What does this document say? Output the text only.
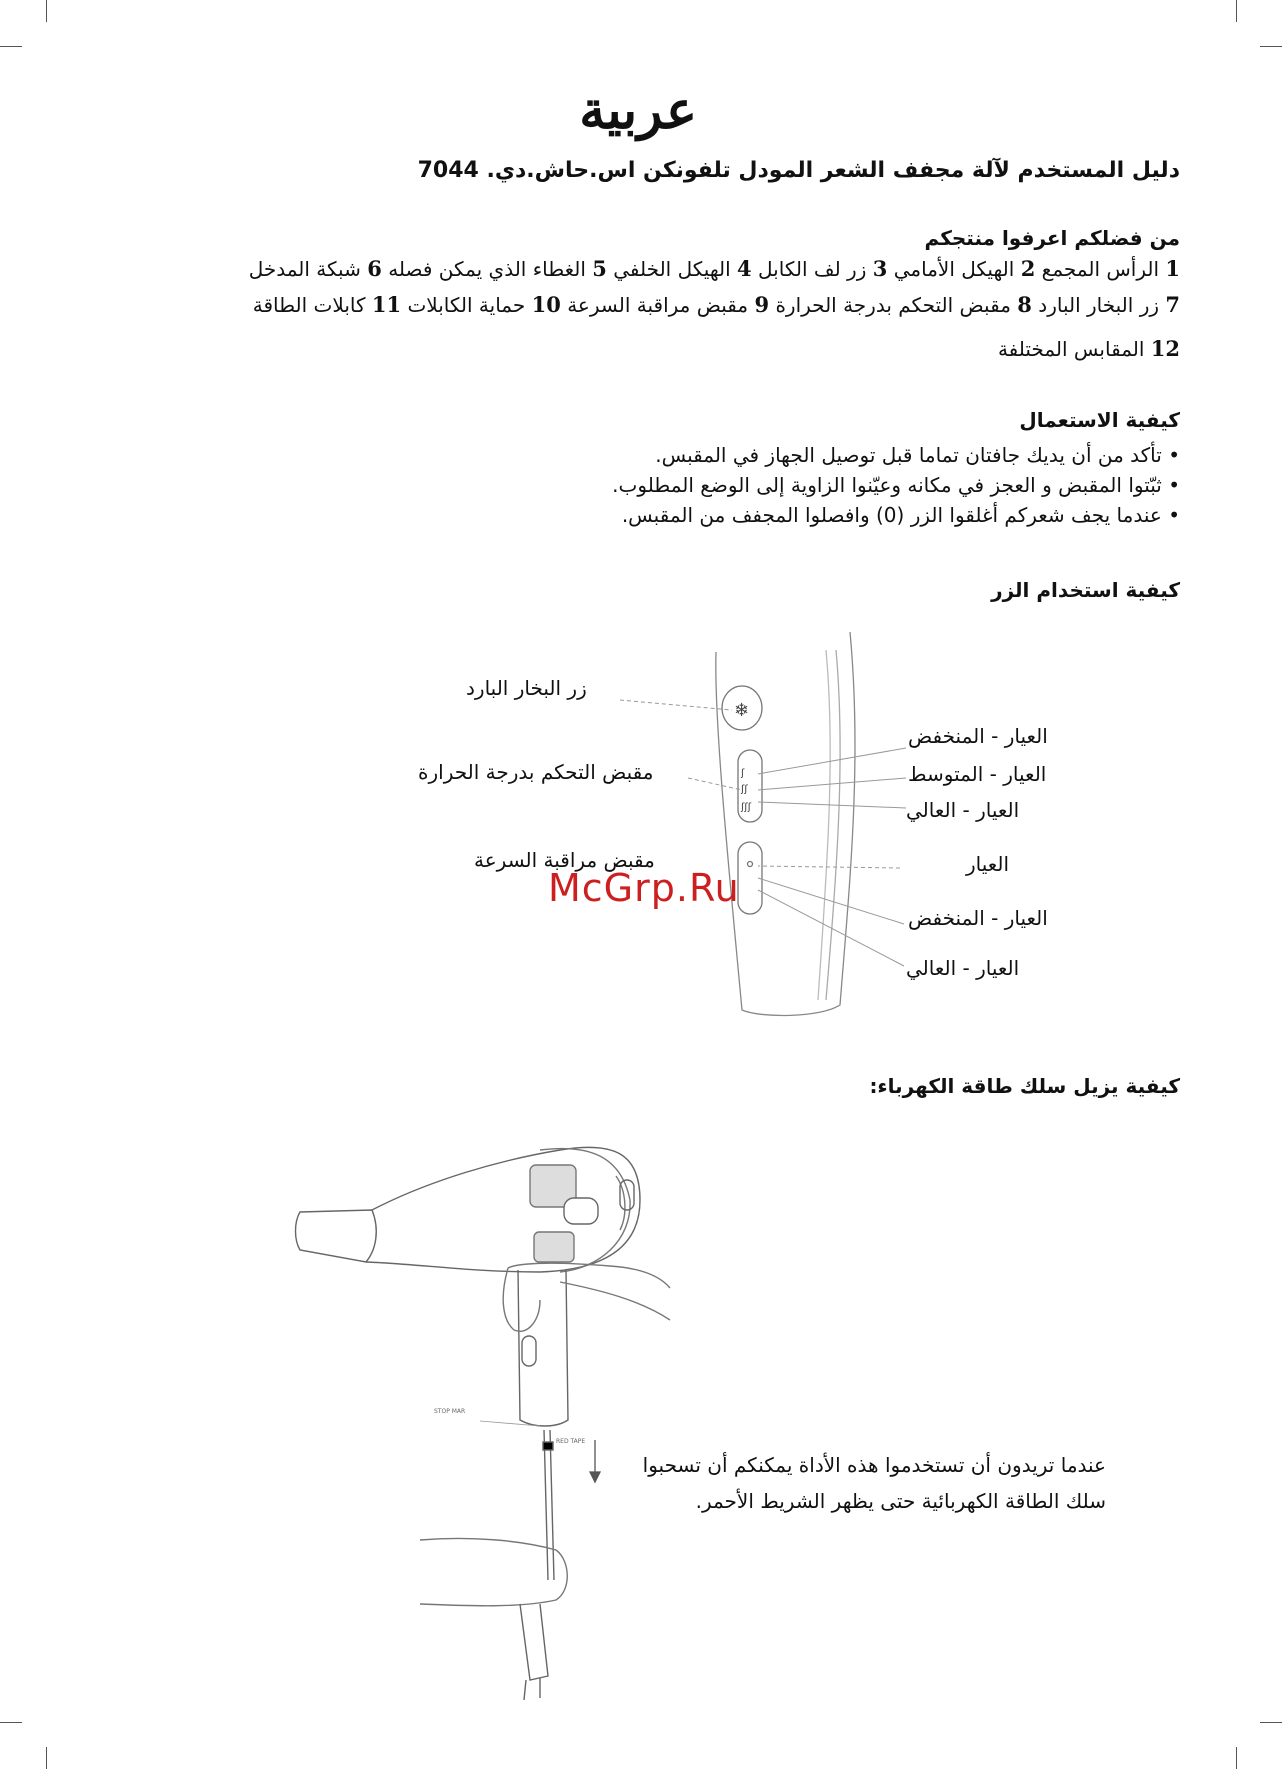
عربية
دليل المستخدم لآلة مجفف الشعر المودل تلفونكن اس.حاش.دي. 7044
من فضلكم اعرفوا منتجكم
1 الرأس المجمع 2 الهيكل الأمامي 3 زر لف الكابل 4 الهيكل الخلفي 5 الغطاء الذي يمكن فصله 6 شبكة المدخل
7 زر البخار البارد 8 مقبض التحكم بدرجة الحرارة 9 مقبض مراقبة السرعة 10 حماية الكابلات 11 كابلات الطاقة
12 المقابس المختلفة
كيفية الاستعمال
• تأكد من أن يديك جافتان تماما قبل توصيل الجهاز في المقبس.
• ثبّتوا المقبض و العجز في مكانه وعيّنوا الزاوية إلى الوضع المطلوب.
• عندما يجف شعركم أغلقوا الزر (0) وافصلوا المجفف من المقبس.
كيفية استخدام الزر
❄
ʃ
ʃʃ
ʃʃʃ
زر البخار البارد
مقبض التحكم بدرجة الحرارة
مقبض مراقبة السرعة
العيار - المنخفض
العيار - المتوسط
العيار - العالي
العيار
العيار - المنخفض
العيار - العالي
McGrp.Ru
كيفية يزيل سلك طاقة الكهرباء:
STOP MAR
RED TAPE
عندما تريدون أن تستخدموا هذه الأداة يمكنكم أن تسحبوا
سلك الطاقة الكهربائية حتى يظهر الشريط الأحمر.
